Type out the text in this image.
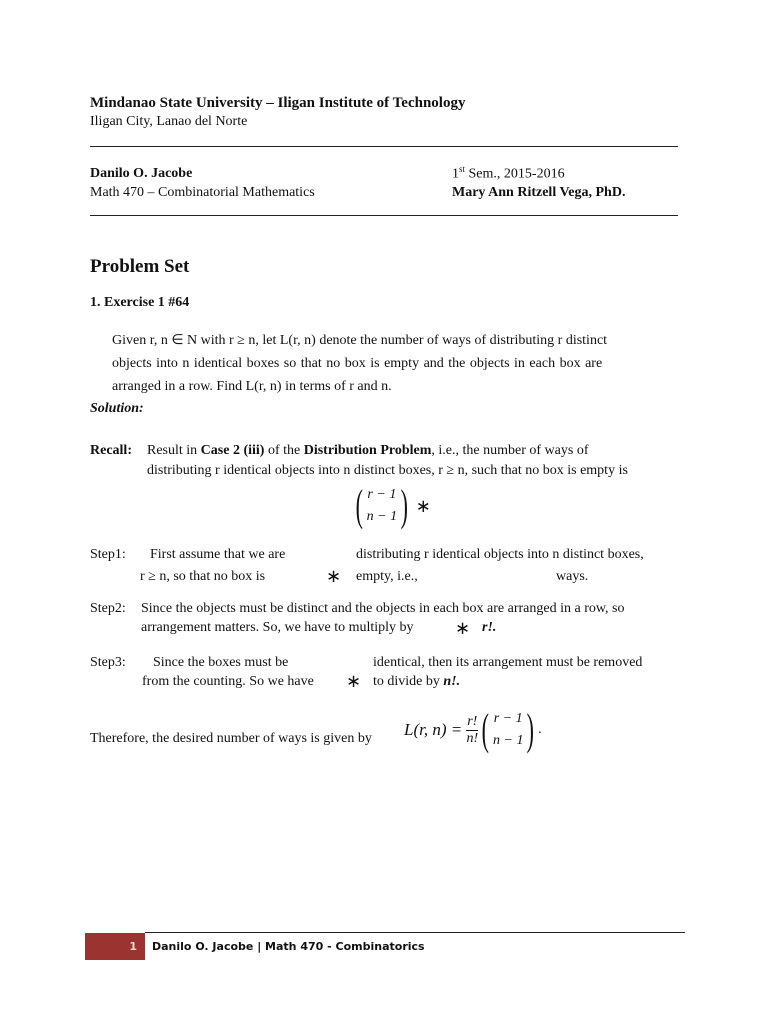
Mindanao State University – Iligan Institute of Technology
Iligan City, Lanao del Norte
Danilo O. Jacobe	1st Sem., 2015-2016
Math 470 – Combinatorial Mathematics	Mary Ann Ritzell Vega, PhD.
Problem Set
1. Exercise 1 #64
Given r, n ∈ N with r ≥ n, let L(r, n) denote the number of ways of distributing r distinct
objects into n identical boxes so that no box is empty and the objects in each box are
arranged in a row. Find L(r, n) in terms of r and n.
Solution:
Recall: Result in Case 2 (iii) of the Distribution Problem, i.e., the number of ways of
distributing r identical objects into n distinct boxes, r ≥ n, such that no box is empty is
( r − 1
n − 1 ) ∗
Step1: First assume that we are	distributing r identical objects into n distinct boxes,
r ≥ n, so that no box is	∗ empty, i.e.,	ways.
Step2: Since the objects must be distinct and the objects in each box are arranged in a row, so
arrangement matters. So, we have to multiply by ∗ r!.
Step3: Since the boxes must be	identical, then its arrangement must be removed
from the counting. So we have ∗ to divide by n!.
Therefore, the desired number of ways is given by L(r, $n) = \frac{r!}{n!}$ ( r − 1
n − 1 ) .
1 Danilo O. Jacobe | Math 470 - Combinatorics
